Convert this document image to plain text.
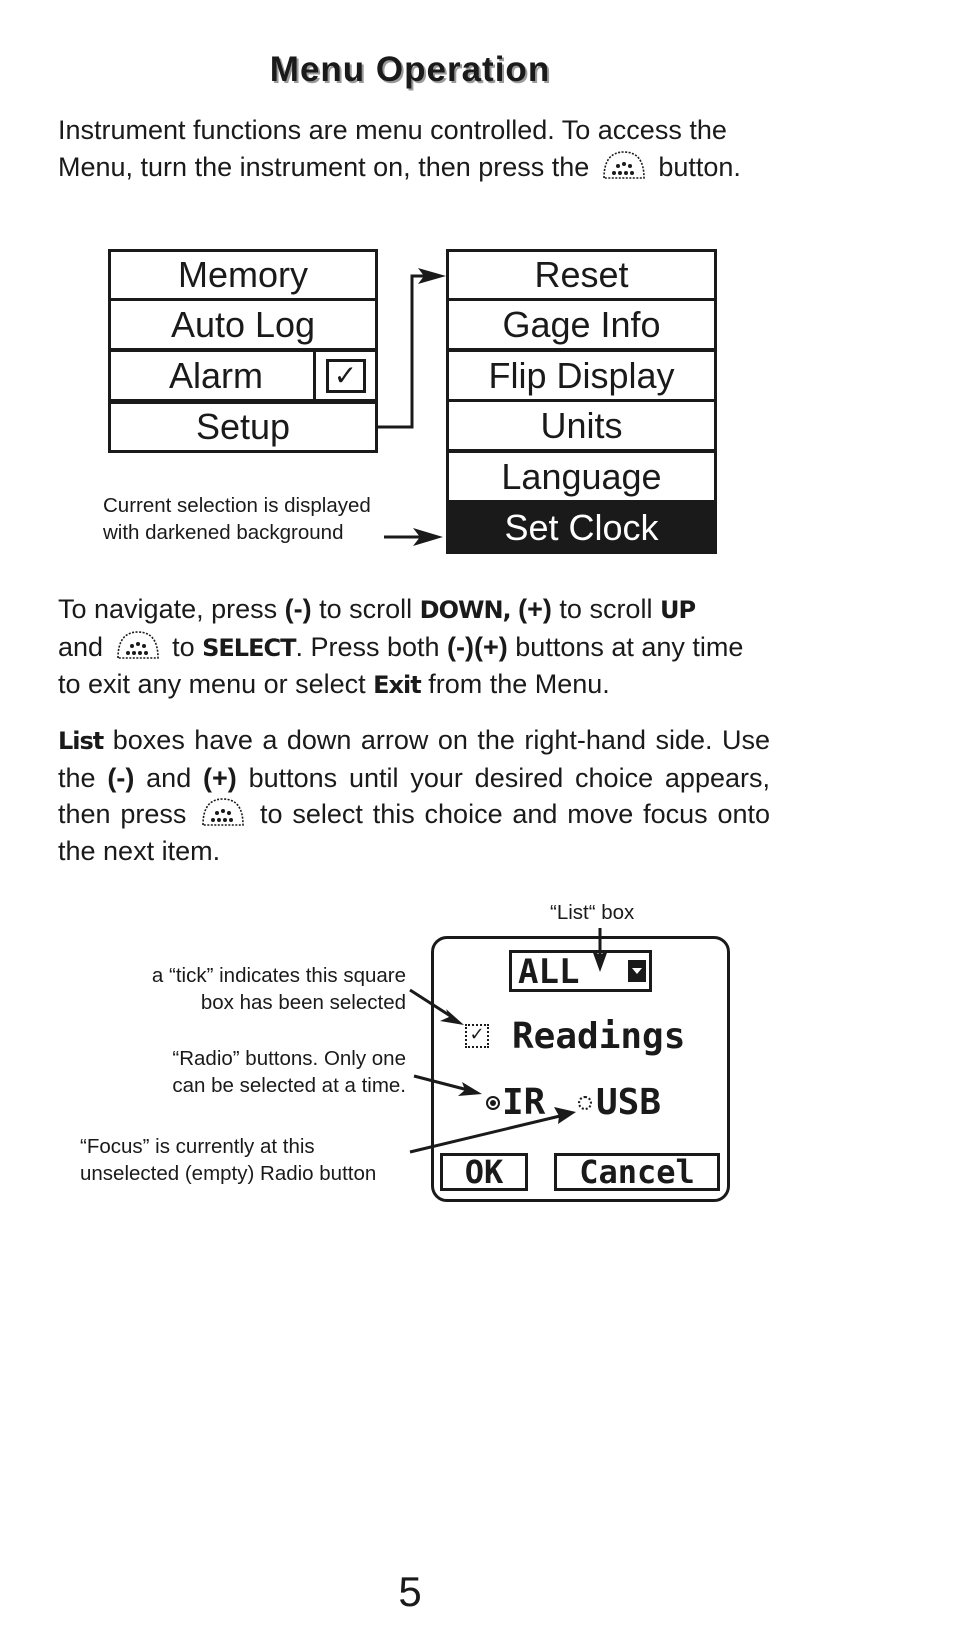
Menu Operation
Instrument functions are menu controlled. To access the Menu, turn the instrument on, then press the	button.
Memory
Auto Log
Alarm	✓
Setup
Reset
Gage Info
Flip Display
Units
Language
Set Clock
Current selection is displayed
with darkened background
To navigate, press (-) to scroll DOWN, (+) to scroll UP
and  to SELECT. Press both (-)(+) buttons at any time to exit any menu or select Exit from the Menu.
List boxes have a down arrow on the right-hand side. Use the (-) and (+) buttons until your desired choice appears, then press  to select this choice and move focus onto the next item.
“List“ box
a “tick” indicates this square
box has been selected
“Radio” buttons. Only one
can be selected at a time.
“Focus” is currently at this
unselected (empty) Radio button
ALL
✓ Readings
IR USB
OK	Cancel
5
